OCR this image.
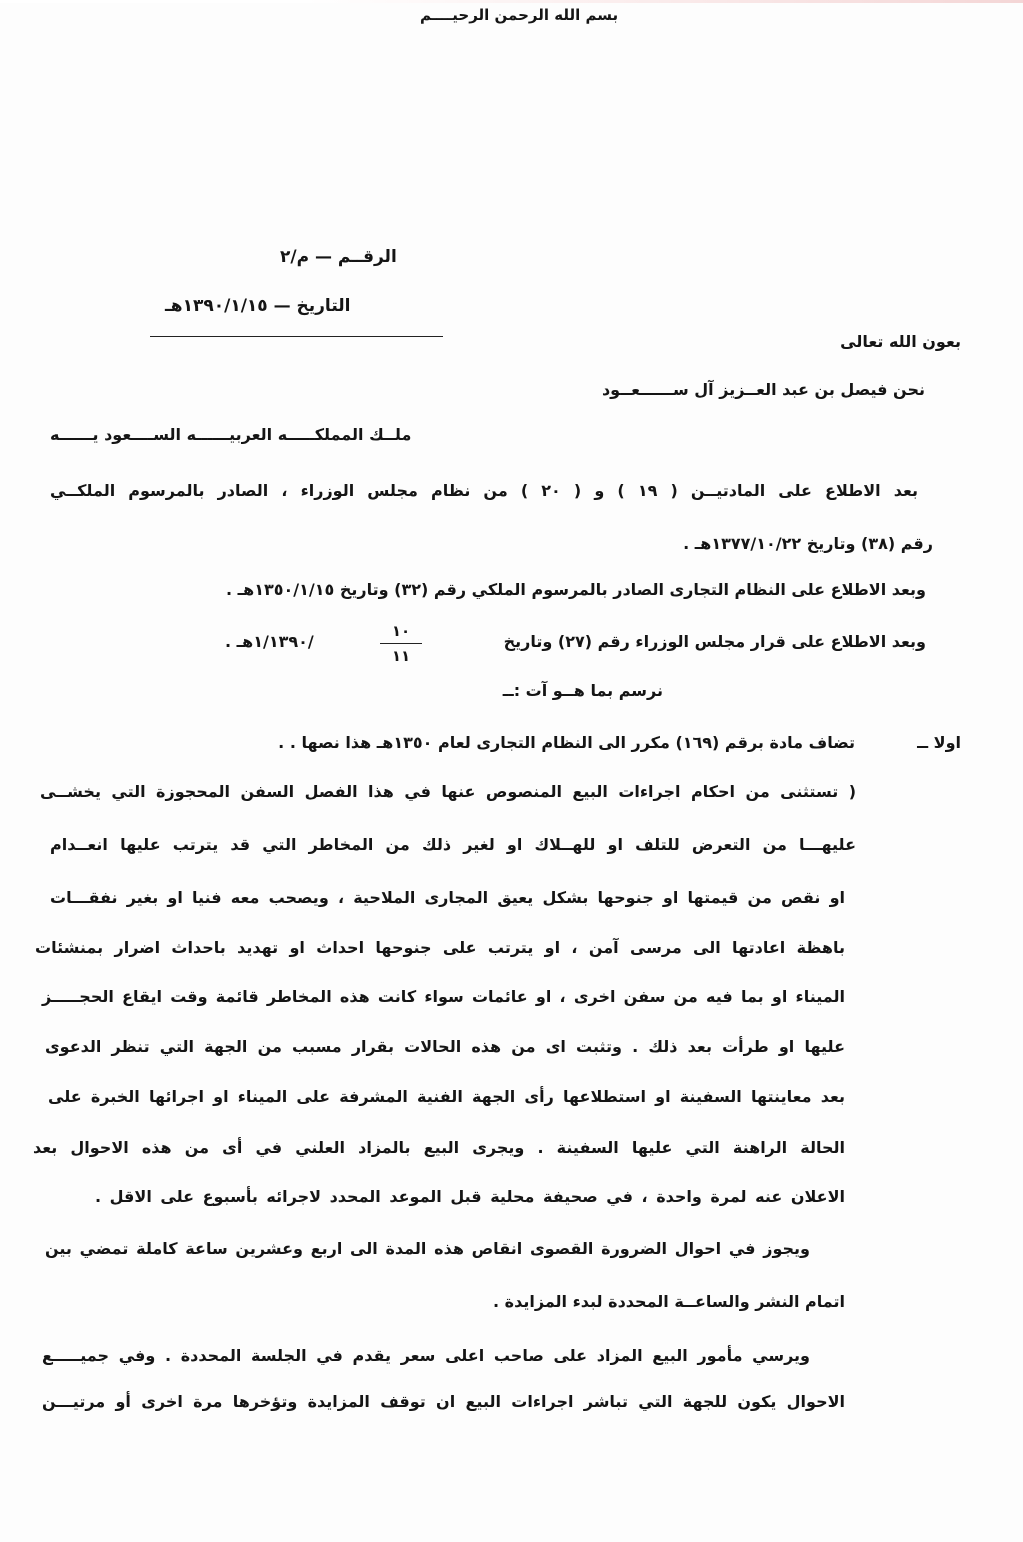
بسم الله الرحمن الرحيــــم
الرقــم — م/٢
التاريخ — ١٣٩٠/١/١٥هـ
بعون الله تعالى
نحن فيصل بن عبد العــزيز آل ســــــعــود
ملــك المملكـــــه العربيــــــه الســــعود يــــــه
بعد الاطلاع على المادتيــن ( ١٩ ) و ( ٢٠ ) من نظام مجلس الوزراء ، الصادر بالمرسوم الملكــي
رقم (٣٨) وتاريخ ١٣٧٧/١٠/٢٢هـ .
وبعد الاطلاع على النظام التجارى الصادر بالمرسوم الملكي رقم (٣٢) وتاريخ ١٣٥٠/١/١٥هـ .
وبعد الاطلاع على قرار مجلس الوزراء رقم (٢٧) وتاريخ
١٠
١١
/١/١٣٩٠هـ .
نرسم بما هــو آت :ــ
اولا ــ
تضاف مادة برقم (١٦٩) مكرر الى النظام التجارى لعام ١٣٥٠هـ هذا نصها . .
( تستثنى من احكام اجراءات البيع المنصوص عنها في هذا الفصل السفن المحجوزة التي يخشــى
عليهـــا من التعرض للتلف او للهــلاك او لغير ذلك من المخاطر التي قد يترتب عليها انعــدام
او نقص من قيمتها او جنوحها بشكل يعيق المجارى الملاحية ، ويصحب معه فنيا او بغير نفقـــات
باهظة اعادتها الى مرسى آمن ، او يترتب على جنوحها احداث او تهديد باحداث اضرار بمنشئات
الميناء او بما فيه من سفن اخرى ، او عائمات سواء كانت هذه المخاطر قائمة وقت ايقاع الحجـــــز
عليها او طرأت بعد ذلك . وتثبت اى من هذه الحالات بقرار مسبب من الجهة التي تنظر الدعوى
بعد معاينتها السفينة او استطلاعها رأى الجهة الفنية المشرفة على الميناء او اجرائها الخبرة على
الحالة الراهنة التي عليها السفينة . ويجرى البيع بالمزاد العلني في أى من هذه الاحوال بعد
الاعلان عنه لمرة واحدة ، في صحيفة محلية قبل الموعد المحدد لاجرائه بأسبوع على الاقل .
ويجوز في احوال الضرورة القصوى انقاص هذه المدة الى اربع وعشرين ساعة كاملة تمضي بين
اتمام النشر والساعــة المحددة لبدء المزايدة .
ويرسي مأمور البيع المزاد على صاحب اعلى سعر يقدم في الجلسة المحددة . وفي جميـــــع
الاحوال يكون للجهة التي تباشر اجراءات البيع ان توقف المزايدة وتؤخرها مرة اخرى أو مرتيـــن
